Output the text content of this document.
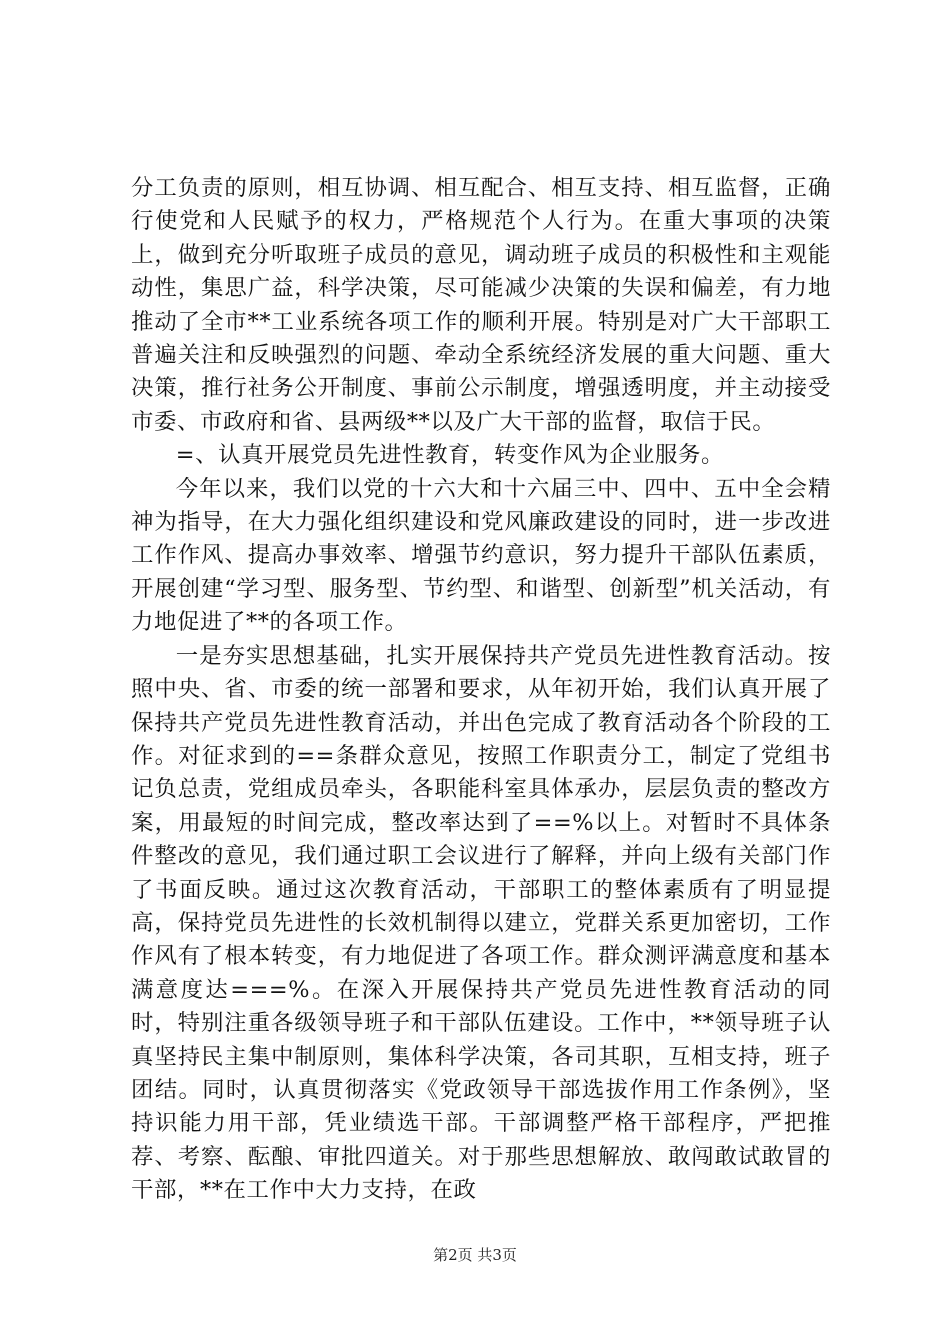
分工负责的原则，相互协调、相互配合、相互支持、相互监督，正确行使党和人民赋予的权力，严格规范个人行为。在重大事项的决策上，做到充分听取班子成员的意见，调动班子成员的积极性和主观能动性，集思广益，科学决策，尽可能减少决策的失误和偏差，有力地推动了全市**工业系统各项工作的顺利开展。特别是对广大干部职工普遍关注和反映强烈的问题、牵动全系统经济发展的重大问题、重大决策，推行社务公开制度、事前公示制度，增强透明度，并主动接受市委、市政府和省、县两级**以及广大干部的监督，取信于民。

=、认真开展党员先进性教育，转变作风为企业服务。

今年以来，我们以党的十六大和十六届三中、四中、五中全会精神为指导，在大力强化组织建设和党风廉政建设的同时，进一步改进工作作风、提高办事效率、增强节约意识，努力提升干部队伍素质，开展创建“学习型、服务型、节约型、和谐型、创新型”机关活动，有力地促进了**的各项工作。

一是夯实思想基础，扎实开展保持共产党员先进性教育活动。按照中央、省、市委的统一部署和要求，从年初开始，我们认真开展了保持共产党员先进性教育活动，并出色完成了教育活动各个阶段的工作。对征求到的==条群众意见，按照工作职责分工，制定了党组书记负总责，党组成员牵头，各职能科室具体承办，层层负责的整改方案，用最短的时间完成，整改率达到了==%以上。对暂时不具体条件整改的意见，我们通过职工会议进行了解释，并向上级有关部门作了书面反映。通过这次教育活动，干部职工的整体素质有了明显提高，保持党员先进性的长效机制得以建立，党群关系更加密切，工作作风有了根本转变，有力地促进了各项工作。群众测评满意度和基本满意度达===%。在深入开展保持共产党员先进性教育活动的同时，特别注重各级领导班子和干部队伍建设。工作中，**领导班子认真坚持民主集中制原则，集体科学决策，各司其职，互相支持，班子团结。同时，认真贯彻落实《党政领导干部选拔作用工作条例》，坚持识能力用干部，凭业绩选干部。干部调整严格干部程序，严把推荐、考察、酝酿、审批四道关。对于那些思想解放、敢闯敢试敢冒的干部，**在工作中大力支持，在政

第2页 共3页
